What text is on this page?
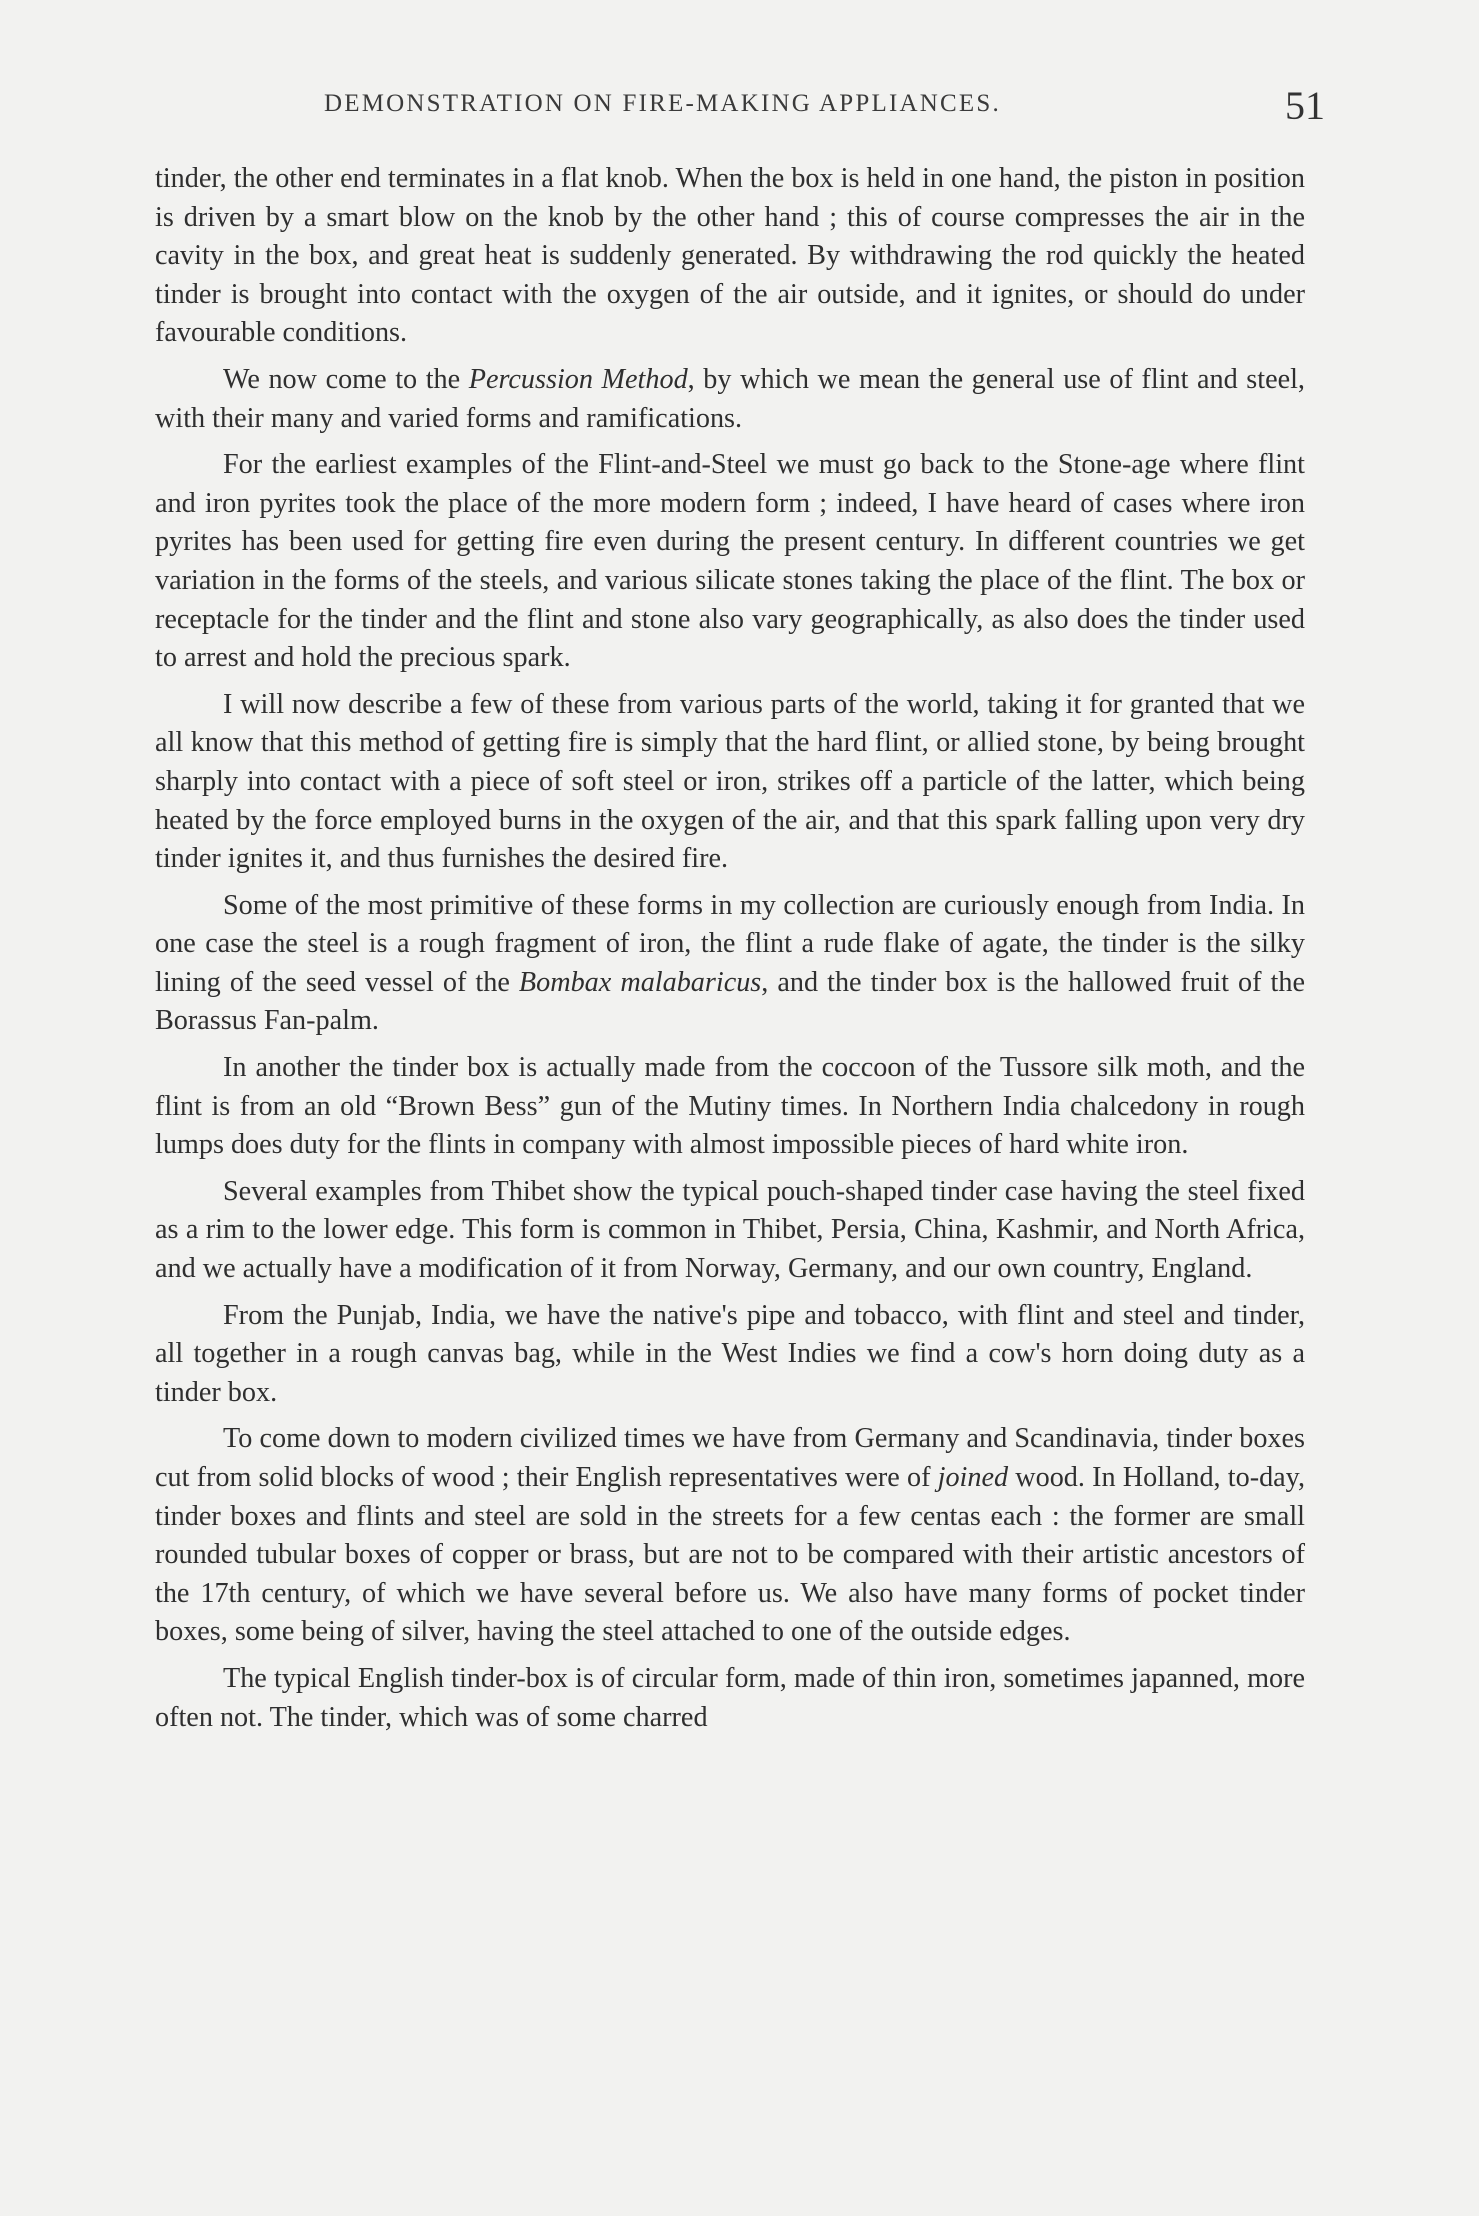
DEMONSTRATION ON FIRE-MAKING APPLIANCES.	51

tinder, the other end terminates in a flat knob. When the box is held in one hand, the piston in position is driven by a smart blow on the knob by the other hand ; this of course compresses the air in the cavity in the box, and great heat is suddenly generated. By withdrawing the rod quickly the heated tinder is brought into contact with the oxygen of the air outside, and it ignites, or should do under favourable conditions.

We now come to the Percussion Method, by which we mean the general use of flint and steel, with their many and varied forms and ramifications.

For the earliest examples of the Flint-and-Steel we must go back to the Stone-age where flint and iron pyrites took the place of the more modern form ; indeed, I have heard of cases where iron pyrites has been used for getting fire even during the present century. In different countries we get variation in the forms of the steels, and various silicate stones taking the place of the flint. The box or receptacle for the tinder and the flint and stone also vary geographically, as also does the tinder used to arrest and hold the precious spark.

I will now describe a few of these from various parts of the world, taking it for granted that we all know that this method of getting fire is simply that the hard flint, or allied stone, by being brought sharply into contact with a piece of soft steel or iron, strikes off a particle of the latter, which being heated by the force employed burns in the oxygen of the air, and that this spark falling upon very dry tinder ignites it, and thus furnishes the desired fire.

Some of the most primitive of these forms in my collection are curiously enough from India. In one case the steel is a rough fragment of iron, the flint a rude flake of agate, the tinder is the silky lining of the seed vessel of the Bombax malabaricus, and the tinder box is the hallowed fruit of the Borassus Fan-palm.

In another the tinder box is actually made from the coccoon of the Tussore silk moth, and the flint is from an old “Brown Bess” gun of the Mutiny times. In Northern India chalcedony in rough lumps does duty for the flints in company with almost impossible pieces of hard white iron.

Several examples from Thibet show the typical pouch-shaped tinder case having the steel fixed as a rim to the lower edge. This form is common in Thibet, Persia, China, Kashmir, and North Africa, and we actually have a modification of it from Norway, Germany, and our own country, England.

From the Punjab, India, we have the native's pipe and tobacco, with flint and steel and tinder, all together in a rough canvas bag, while in the West Indies we find a cow's horn doing duty as a tinder box.

To come down to modern civilized times we have from Germany and Scandinavia, tinder boxes cut from solid blocks of wood ; their English representatives were of joined wood. In Holland, to-day, tinder boxes and flints and steel are sold in the streets for a few centas each : the former are small rounded tubular boxes of copper or brass, but are not to be compared with their artistic ancestors of the 17th century, of which we have several before us. We also have many forms of pocket tinder boxes, some being of silver, having the steel attached to one of the outside edges.

The typical English tinder-box is of circular form, made of thin iron, sometimes japanned, more often not. The tinder, which was of some charred
